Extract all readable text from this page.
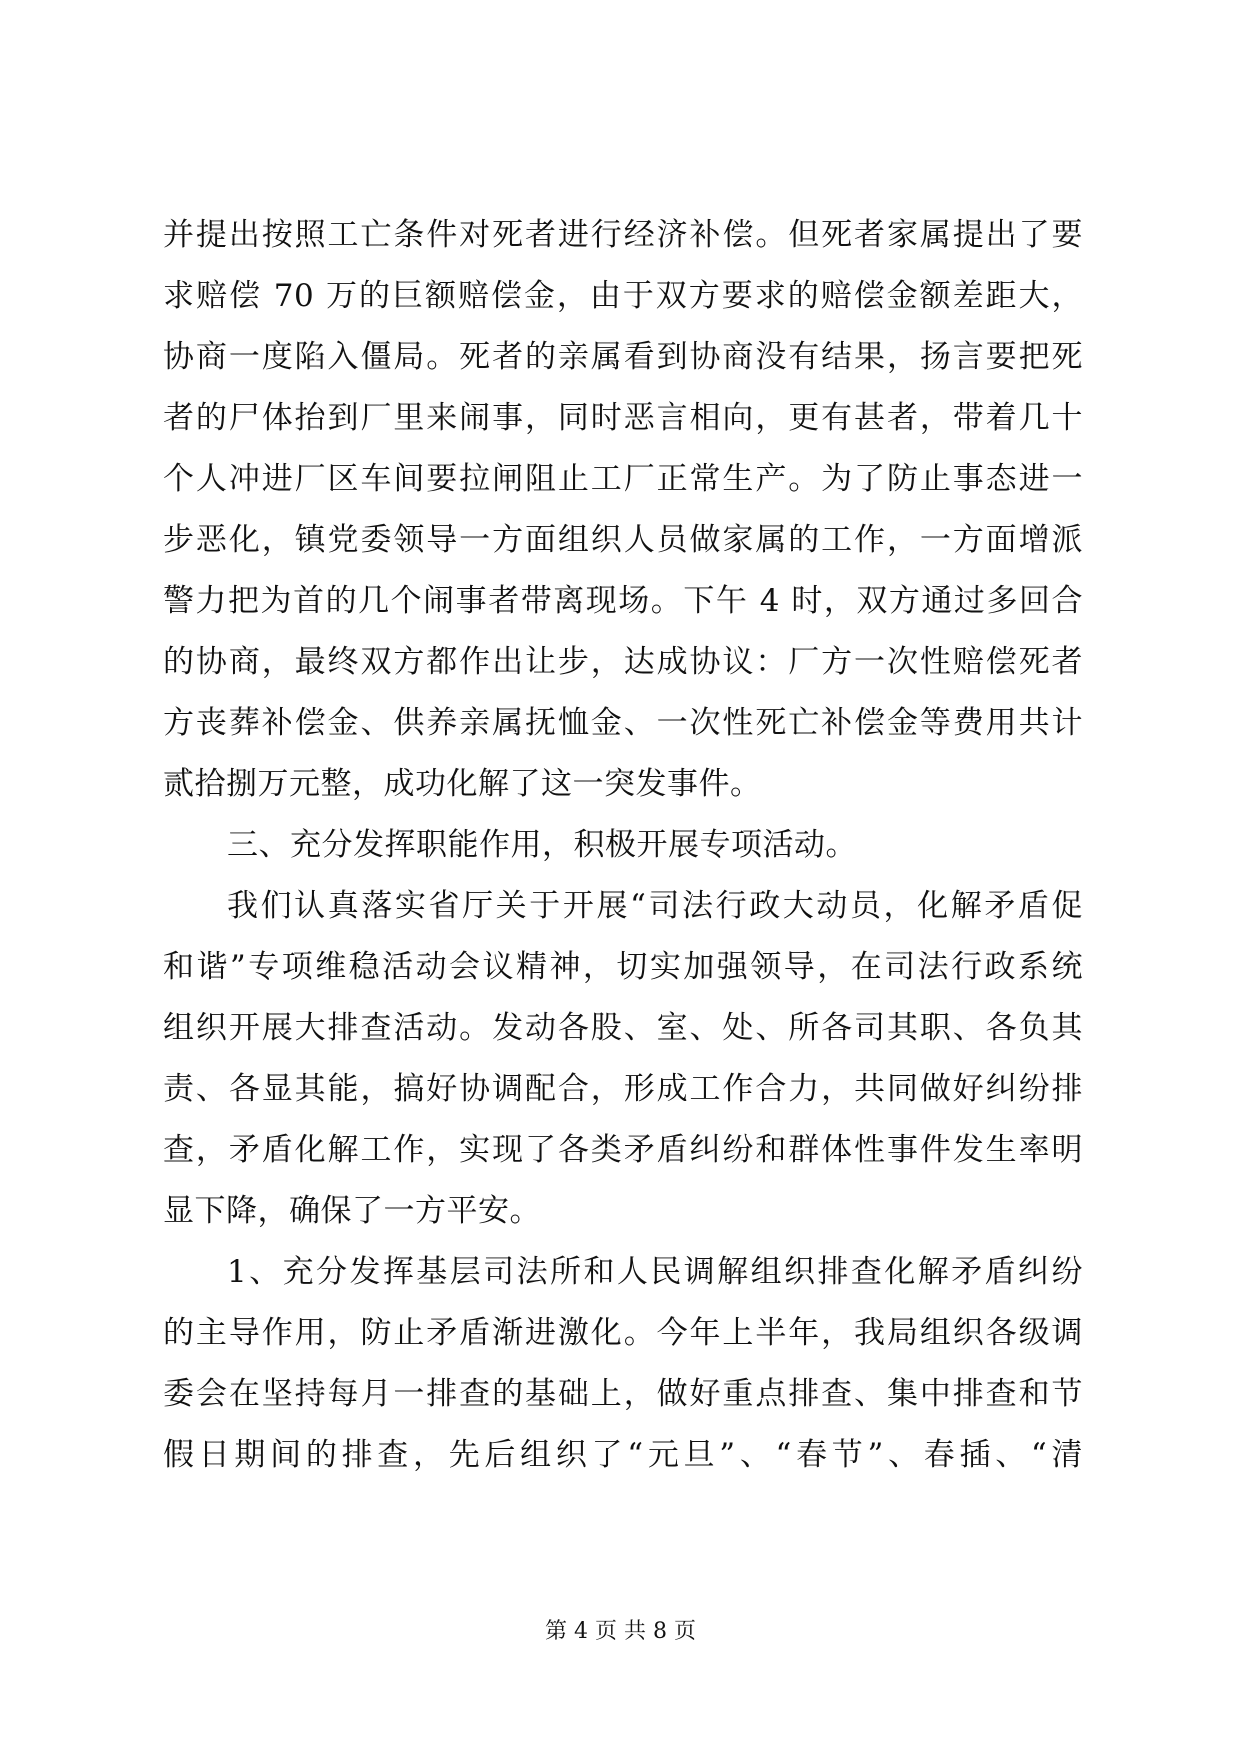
并提出按照工亡条件对死者进行经济补偿。但死者家属提出了要
求赔偿 70 万的巨额赔偿金，由于双方要求的赔偿金额差距大，
协商一度陷入僵局。死者的亲属看到协商没有结果，扬言要把死
者的尸体抬到厂里来闹事，同时恶言相向，更有甚者，带着几十
个人冲进厂区车间要拉闸阻止工厂正常生产。为了防止事态进一
步恶化，镇党委领导一方面组织人员做家属的工作，一方面增派
警力把为首的几个闹事者带离现场。下午 4 时，双方通过多回合
的协商，最终双方都作出让步，达成协议：厂方一次性赔偿死者
方丧葬补偿金、供养亲属抚恤金、一次性死亡补偿金等费用共计
贰拾捌万元整，成功化解了这一突发事件。
三、充分发挥职能作用，积极开展专项活动。
我们认真落实省厅关于开展“司法行政大动员，化解矛盾促
和谐”专项维稳活动会议精神，切实加强领导，在司法行政系统
组织开展大排查活动。发动各股、室、处、所各司其职、各负其
责、各显其能，搞好协调配合，形成工作合力，共同做好纠纷排
查，矛盾化解工作，实现了各类矛盾纠纷和群体性事件发生率明
显下降，确保了一方平安。
1、充分发挥基层司法所和人民调解组织排查化解矛盾纠纷
的主导作用，防止矛盾渐进激化。今年上半年，我局组织各级调
委会在坚持每月一排查的基础上，做好重点排查、集中排查和节
假日期间的排查，先后组织了“元旦”、“春节”、春插、“清
第 4 页 共 8 页
